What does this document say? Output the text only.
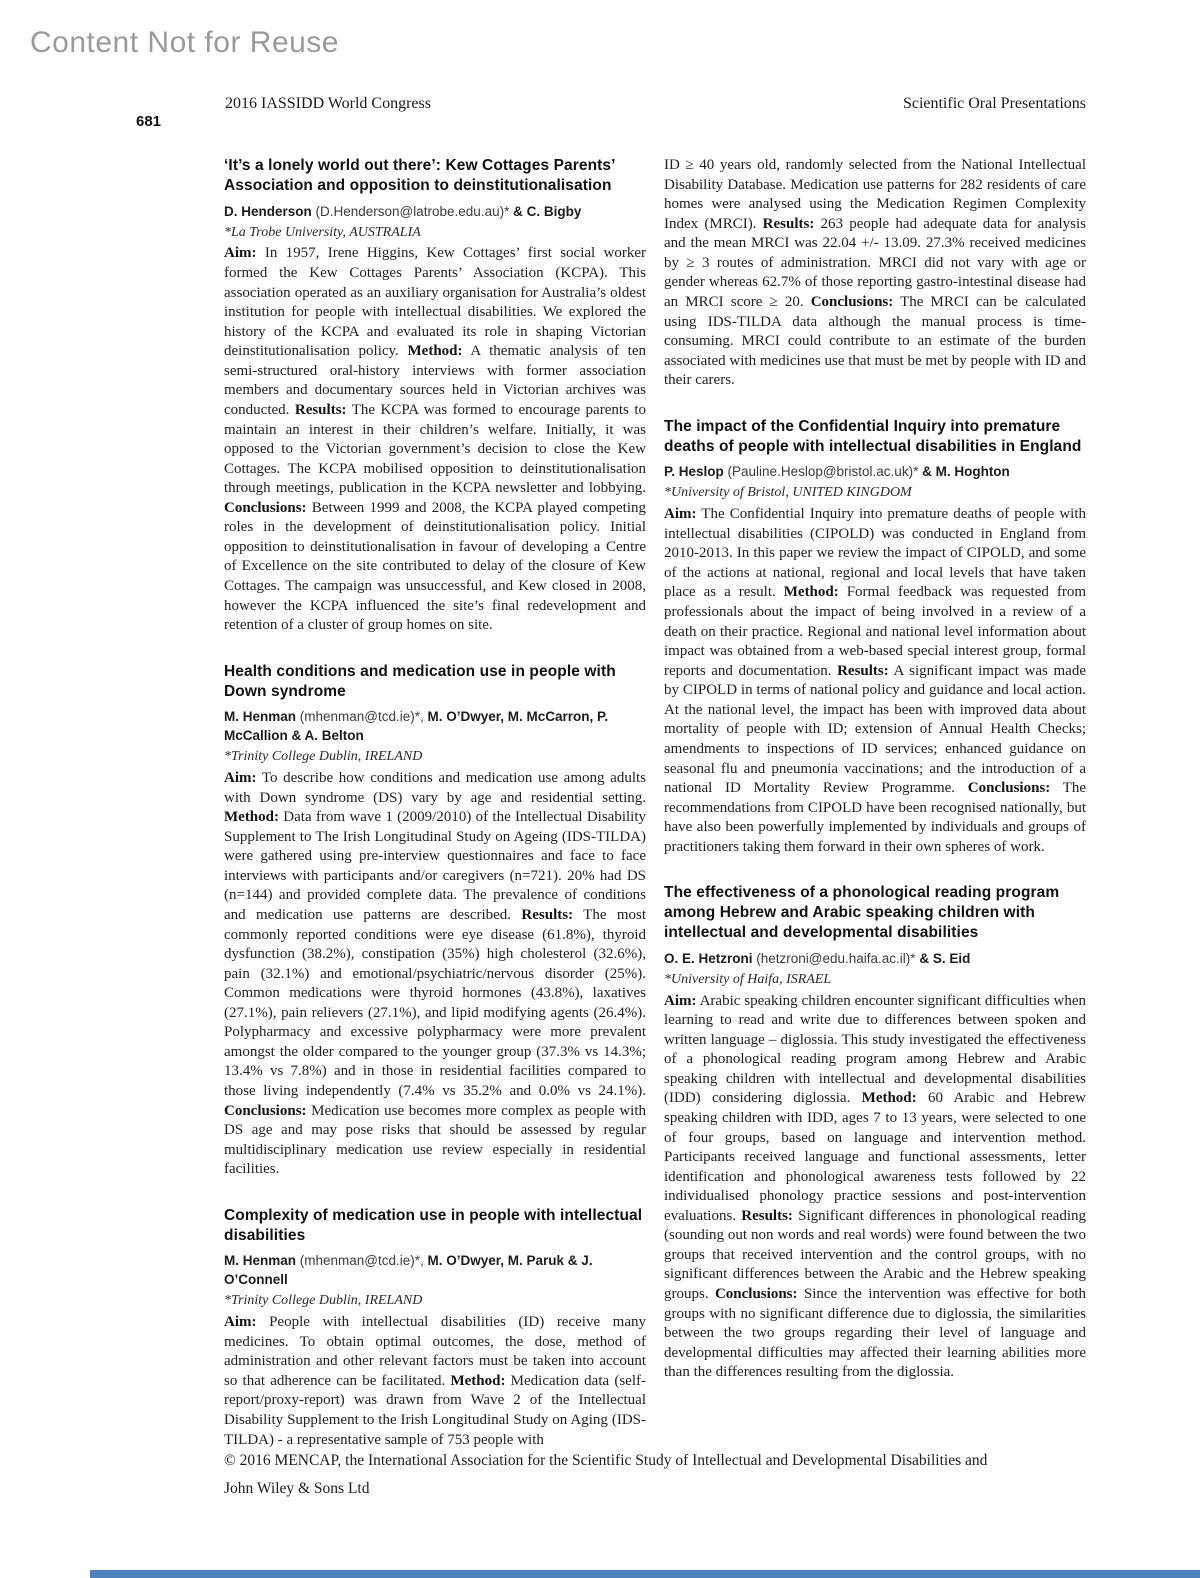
Content Not for Reuse
2016 IASSIDD World Congress	Scientific Oral Presentations
681
‘It’s a lonely world out there’: Kew Cottages Parents’ Association and opposition to deinstitutionalisation

D. Henderson (D.Henderson@latrobe.edu.au)* & C. Bigby

*La Trobe University, AUSTRALIA

Aim: In 1957, Irene Higgins, Kew Cottages’ first social worker formed the Kew Cottages Parents’ Association (KCPA). This association operated as an auxiliary organisation for Australia’s oldest institution for people with intellectual disabilities. We explored the history of the KCPA and evaluated its role in shaping Victorian deinstitutionalisation policy. Method: A thematic analysis of ten semi-structured oral-history interviews with former association members and documentary sources held in Victorian archives was conducted. Results: The KCPA was formed to encourage parents to maintain an interest in their children’s welfare. Initially, it was opposed to the Victorian government’s decision to close the Kew Cottages. The KCPA mobilised opposition to deinstitutionalisation through meetings, publication in the KCPA newsletter and lobbying. Conclusions: Between 1999 and 2008, the KCPA played competing roles in the development of deinstitutionalisation policy. Initial opposition to deinstitutionalisation in favour of developing a Centre of Excellence on the site contributed to delay of the closure of Kew Cottages. The campaign was unsuccessful, and Kew closed in 2008, however the KCPA influenced the site’s final redevelopment and retention of a cluster of group homes on site.

Health conditions and medication use in people with Down syndrome

M. Henman (mhenman@tcd.ie)*, M. O’Dwyer, M. McCarron, P. McCallion & A. Belton

*Trinity College Dublin, IRELAND

Aim: To describe how conditions and medication use among adults with Down syndrome (DS) vary by age and residential setting. Method: Data from wave 1 (2009/2010) of the Intellectual Disability Supplement to The Irish Longitudinal Study on Ageing (IDS-TILDA) were gathered using pre-interview questionnaires and face to face interviews with participants and/or caregivers (n=721). 20% had DS (n=144) and provided complete data. The prevalence of conditions and medication use patterns are described. Results: The most commonly reported conditions were eye disease (61.8%), thyroid dysfunction (38.2%), constipation (35%) high cholesterol (32.6%), pain (32.1%) and emotional/psychiatric/nervous disorder (25%). Common medications were thyroid hormones (43.8%), laxatives (27.1%), pain relievers (27.1%), and lipid modifying agents (26.4%). Polypharmacy and excessive polypharmacy were more prevalent amongst the older compared to the younger group (37.3% vs 14.3%; 13.4% vs 7.8%) and in those in residential facilities compared to those living independently (7.4% vs 35.2% and 0.0% vs 24.1%). Conclusions: Medication use becomes more complex as people with DS age and may pose risks that should be assessed by regular multidisciplinary medication use review especially in residential facilities.

Complexity of medication use in people with intellectual disabilities

M. Henman (mhenman@tcd.ie)*, M. O’Dwyer, M. Paruk & J. O’Connell

*Trinity College Dublin, IRELAND

Aim: People with intellectual disabilities (ID) receive many medicines. To obtain optimal outcomes, the dose, method of administration and other relevant factors must be taken into account so that adherence can be facilitated. Method: Medication data (self-report/proxy-report) was drawn from Wave 2 of the Intellectual Disability Supplement to the Irish Longitudinal Study on Aging (IDS-TILDA) - a representative sample of 753 people with

ID ≥ 40 years old, randomly selected from the National Intellectual Disability Database. Medication use patterns for 282 residents of care homes were analysed using the Medication Regimen Complexity Index (MRCI). Results: 263 people had adequate data for analysis and the mean MRCI was 22.04 +/- 13.09. 27.3% received medicines by ≥ 3 routes of administration. MRCI did not vary with age or gender whereas 62.7% of those reporting gastro-intestinal disease had an MRCI score ≥ 20. Conclusions: The MRCI can be calculated using IDS-TILDA data although the manual process is time-consuming. MRCI could contribute to an estimate of the burden associated with medicines use that must be met by people with ID and their carers.

The impact of the Confidential Inquiry into premature deaths of people with intellectual disabilities in England

P. Heslop (Pauline.Heslop@bristol.ac.uk)* & M. Hoghton

*University of Bristol, UNITED KINGDOM

Aim: The Confidential Inquiry into premature deaths of people with intellectual disabilities (CIPOLD) was conducted in England from 2010-2013. In this paper we review the impact of CIPOLD, and some of the actions at national, regional and local levels that have taken place as a result. Method: Formal feedback was requested from professionals about the impact of being involved in a review of a death on their practice. Regional and national level information about impact was obtained from a web-based special interest group, formal reports and documentation. Results: A significant impact was made by CIPOLD in terms of national policy and guidance and local action. At the national level, the impact has been with improved data about mortality of people with ID; extension of Annual Health Checks; amendments to inspections of ID services; enhanced guidance on seasonal flu and pneumonia vaccinations; and the introduction of a national ID Mortality Review Programme. Conclusions: The recommendations from CIPOLD have been recognised nationally, but have also been powerfully implemented by individuals and groups of practitioners taking them forward in their own spheres of work.

The effectiveness of a phonological reading program among Hebrew and Arabic speaking children with intellectual and developmental disabilities

O. E. Hetzroni (hetzroni@edu.haifa.ac.il)* & S. Eid

*University of Haifa, ISRAEL

Aim: Arabic speaking children encounter significant difficulties when learning to read and write due to differences between spoken and written language – diglossia. This study investigated the effectiveness of a phonological reading program among Hebrew and Arabic speaking children with intellectual and developmental disabilities (IDD) considering diglossia. Method: 60 Arabic and Hebrew speaking children with IDD, ages 7 to 13 years, were selected to one of four groups, based on language and intervention method. Participants received language and functional assessments, letter identification and phonological awareness tests followed by 22 individualised phonology practice sessions and post-intervention evaluations. Results: Significant differences in phonological reading (sounding out non words and real words) were found between the two groups that received intervention and the control groups, with no significant differences between the Arabic and the Hebrew speaking groups. Conclusions: Since the intervention was effective for both groups with no significant difference due to diglossia, the similarities between the two groups regarding their level of language and developmental difficulties may affected their learning abilities more than the differences resulting from the diglossia.

© 2016 MENCAP, the International Association for the Scientific Study of Intellectual and Developmental Disabilities and

John Wiley & Sons Ltd
